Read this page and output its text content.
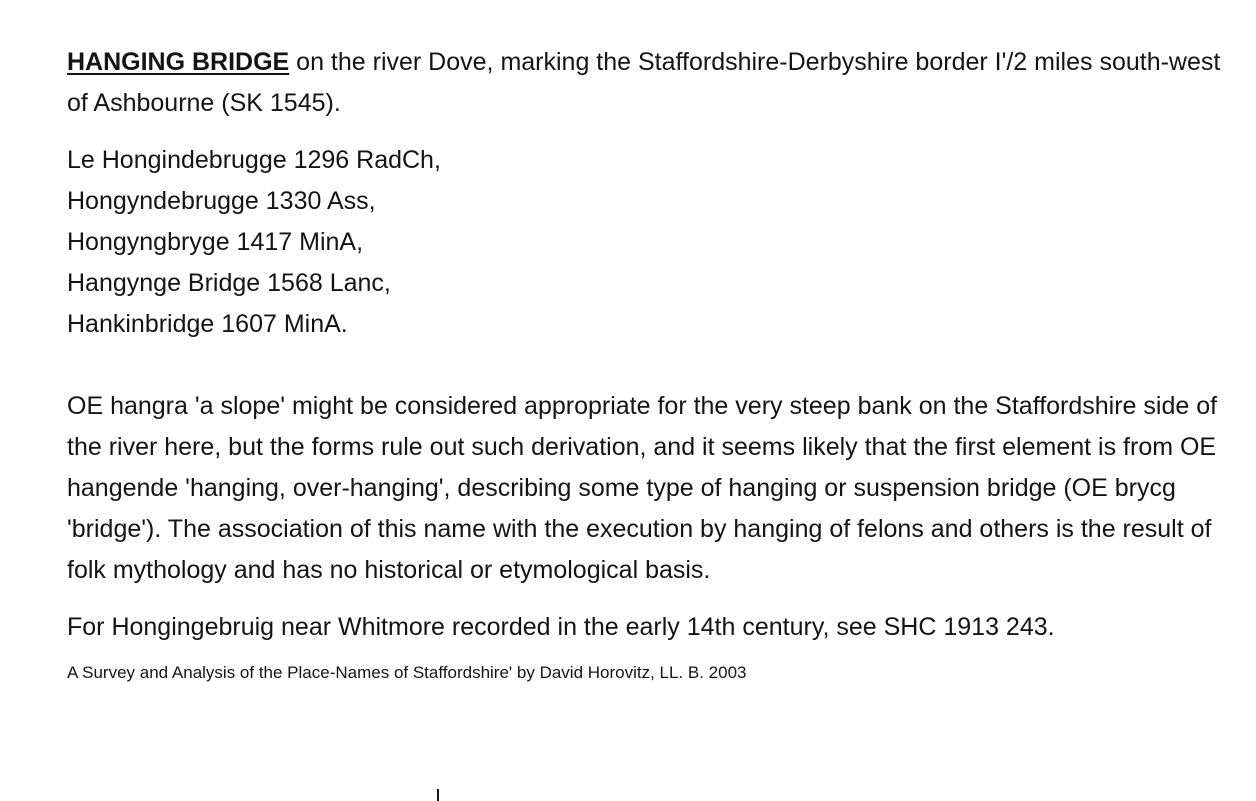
HANGING BRIDGE on the river Dove, marking the Staffordshire-Derbyshire border I'/2 miles south-west of Ashbourne (SK 1545).

Le Hongindebrugge 1296 RadCh,
Hongyndebrugge 1330 Ass,
Hongyngbryge 1417 MinA,
Hangynge Bridge 1568 Lanc,
Hankinbridge 1607 MinA.

OE hangra 'a slope' might be considered appropriate for the very steep bank on the Staffordshire side of the river here, but the forms rule out such derivation, and it seems likely that the first element is from OE hangende 'hanging, over-hanging', describing some type of hanging or suspension bridge (OE brycg 'bridge'). The association of this name with the execution by hanging of felons and others is the result of folk mythology and has no historical or etymological basis.

For Hongingebruig near Whitmore recorded in the early 14th century, see SHC 1913 243.

A Survey and Analysis of the Place-Names of Staffordshire' by David Horovitz, LL. B. 2003
